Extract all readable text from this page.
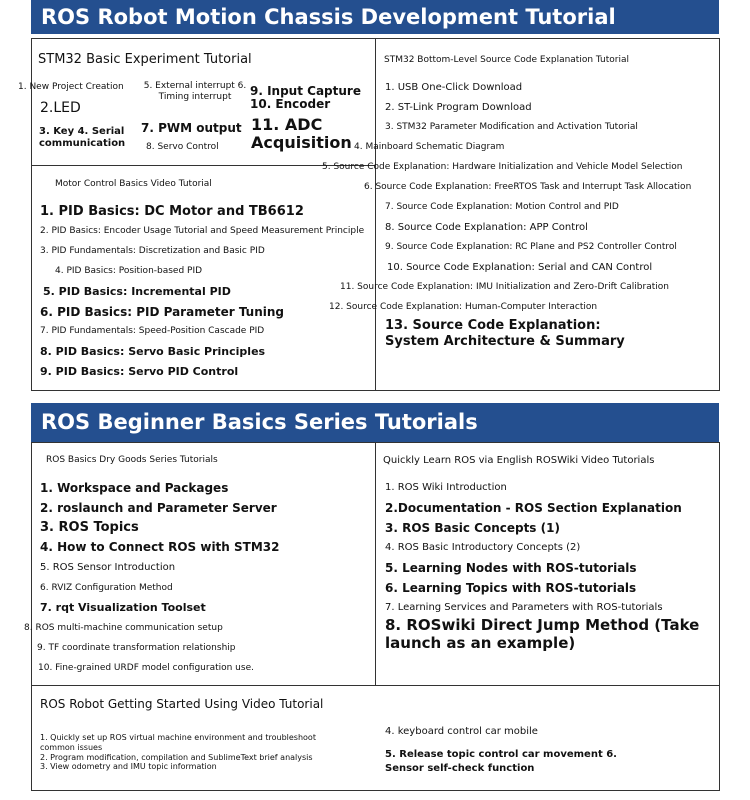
ROS Robot Motion Chassis Development Tutorial
STM32 Basic Experiment Tutorial
1. New Project Creation
2.LED
3. Key 4. Serial communication
5. External interrupt 6. Timing interrupt
7. PWM output
8. Servo Control
9. Input Capture
10. Encoder
11. ADC Acquisition
STM32 Bottom-Level Source Code Explanation Tutorial
1. USB One-Click Download
2. ST-Link Program Download
3. STM32 Parameter Modification and Activation Tutorial
4. Mainboard Schematic Diagram
5. Source Code Explanation: Hardware Initialization and Vehicle Model Selection
6. Source Code Explanation: FreeRTOS Task and Interrupt Task Allocation
7. Source Code Explanation: Motion Control and PID
8. Source Code Explanation: APP Control
9. Source Code Explanation: RC Plane and PS2 Controller Control
10. Source Code Explanation: Serial and CAN Control
11. Source Code Explanation: IMU Initialization and Zero-Drift Calibration
12. Source Code Explanation: Human-Computer Interaction
13. Source Code Explanation:
System Architecture & Summary
Motor Control Basics Video Tutorial
1. PID Basics: DC Motor and TB6612
2. PID Basics: Encoder Usage Tutorial and Speed Measurement Principle
3. PID Fundamentals: Discretization and Basic PID
4. PID Basics: Position-based PID
5. PID Basics: Incremental PID
6. PID Basics: PID Parameter Tuning
7. PID Fundamentals: Speed-Position Cascade PID
8. PID Basics: Servo Basic Principles
9. PID Basics: Servo PID Control
ROS Beginner Basics Series Tutorials
ROS Basics Dry Goods Series Tutorials
1. Workspace and Packages
2. roslaunch and Parameter Server
3. ROS Topics
4. How to Connect ROS with STM32
5. ROS Sensor Introduction
6. RVIZ Configuration Method
7. rqt Visualization Toolset
8. ROS multi-machine communication setup
9. TF coordinate transformation relationship
10. Fine-grained URDF model configuration use.
Quickly Learn ROS via English ROSWiki Video Tutorials
1. ROS Wiki Introduction
2.Documentation - ROS Section Explanation
3. ROS Basic Concepts (1)
4. ROS Basic Introductory Concepts (2)
5. Learning Nodes with ROS-tutorials
6. Learning Topics with ROS-tutorials
7. Learning Services and Parameters with ROS-tutorials
8. ROSwiki Direct Jump Method (Take launch as an example)
ROS Robot Getting Started Using Video Tutorial
1. Quickly set up ROS virtual machine environment and troubleshoot common issues
2. Program modification, compilation and SublimeText brief analysis
3. View odometry and IMU topic information
4. keyboard control car mobile
5. Release topic control car movement 6. Sensor self-check function
